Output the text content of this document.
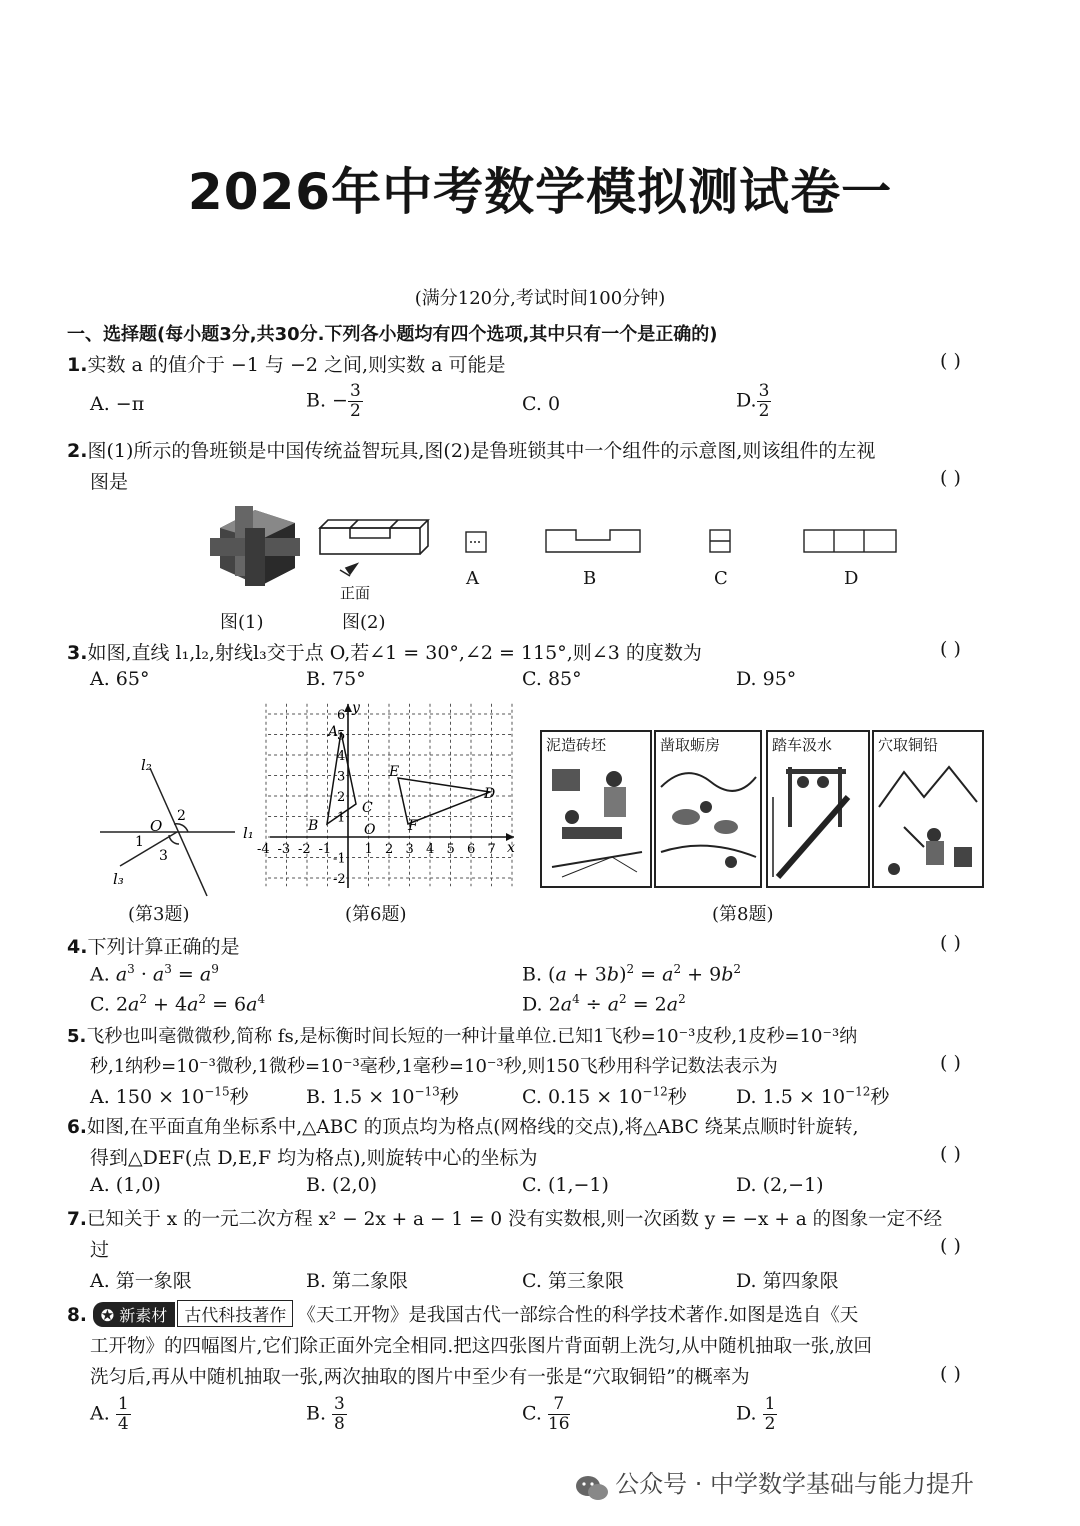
2026年中考数学模拟测试卷一
(满分120分,考试时间100分钟)
一、选择题(每小题3分,共30分.下列各小题均有四个选项,其中只有一个是正确的)
1.实数 a 的值介于 −1 与 −2 之间,则实数 a 可能是	( )
A. −π	B. − $\frac{3}{2}$	C. 0	D. $\frac{3}{2}$
2.图(1)所示的鲁班锁是中国传统益智玩具,图(2)是鲁班锁其中一个组件的示意图,则该组件的左视
图是	( )
正面
A	B	C	D
图(1)	图(2)
3.如图,直线 l₁,l₂,射线l₃交于点 O,若∠1 = 30°,∠2 = 115°,则∠3 的度数为	( )
A. 65°	B. 75°	C. 85°	D. 95°
l₁
l₂
l₃
O
1
2
3
(第3题)
-4 -3 -2 -1	1 2 3 4 5 6 7
6
5
4
3
2
1
-1
-2
y
x
O
A
B
C
D
E
F
(第6题)
泥造砖坯	凿取蛎房	踏车汲水	穴取铜铅
(第8题)
4.下列计算正确的是	( )
A. $a^3 \cdot a^3 = a^9$	B. $(a + 3b)^2 = a^2 + 9b^2$
C. $2a^2 + 4a^2 = 6a^4$	D. $2a^4 \div a^2 = 2a^2$
5.飞秒也叫毫微微秒,简称 fs,是标衡时间长短的一种计量单位.已知1飞秒=10⁻³皮秒,1皮秒=10⁻³纳
秒,1纳秒=10⁻³微秒,1微秒=10⁻³毫秒,1毫秒=10⁻³秒,则150飞秒用科学记数法表示为	( )
A. $150 \times 10^{-15}$秒	B. $1.5 \times 10^{-13}$秒	C. $0.15 \times 10^{-12}$秒	D. $1.5 \times 10^{-12}$秒
6.如图,在平面直角坐标系中,△ABC 的顶点均为格点(网格线的交点),将△ABC 绕某点顺时针旋转,
得到△DEF(点 D,E,F 均为格点),则旋转中心的坐标为	( )
A. (1,0)	B. (2,0)	C. (1,−1)	D. (2,−1)
7.已知关于 x 的一元二次方程 x² − 2x + a − 1 = 0 没有实数根,则一次函数 y = −x + a 的图象一定不经
过	( )
A. 第一象限	B. 第二象限	C. 第三象限	D. 第四象限
8. ✪ 新素材 古代科技著作 《天工开物》是我国古代一部综合性的科学技术著作.如图是选自《天
工开物》的四幅图片,它们除正面外完全相同.把这四张图片背面朝上洗匀,从中随机抽取一张,放回
洗匀后,再从中随机抽取一张,两次抽取的图片中至少有一张是“穴取铜铅”的概率为	( )
A. $\frac{1}{4}$	B. $\frac{3}{8}$	C. $\frac{7}{16}$	D. $\frac{1}{2}$
公众号 · 中学数学基础与能力提升
